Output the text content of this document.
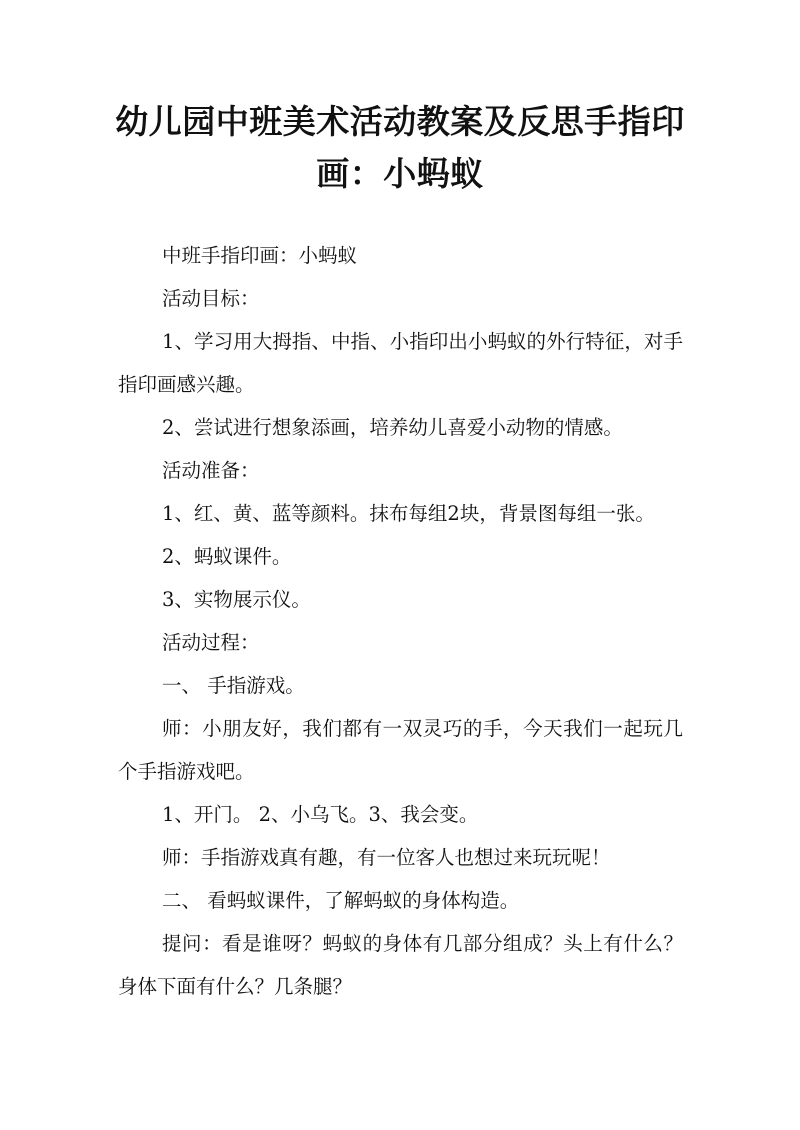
幼儿园中班美术活动教案及反思手指印画：小蚂蚁

中班手指印画：小蚂蚁

活动目标：

1、学习用大拇指、中指、小指印出小蚂蚁的外行特征，对手指印画感兴趣。

2、尝试进行想象添画，培养幼儿喜爱小动物的情感。

活动准备：

1、红、黄、蓝等颜料。抹布每组2块，背景图每组一张。

2、蚂蚁课件。

3、实物展示仪。

活动过程：

一、 手指游戏。

师：小朋友好，我们都有一双灵巧的手，今天我们一起玩几个手指游戏吧。

1、开门。 2、小乌飞。3、我会变。

师：手指游戏真有趣，有一位客人也想过来玩玩呢！

二、 看蚂蚁课件，了解蚂蚁的身体构造。

提问：看是谁呀？蚂蚁的身体有几部分组成？头上有什么？身体下面有什么？几条腿？
